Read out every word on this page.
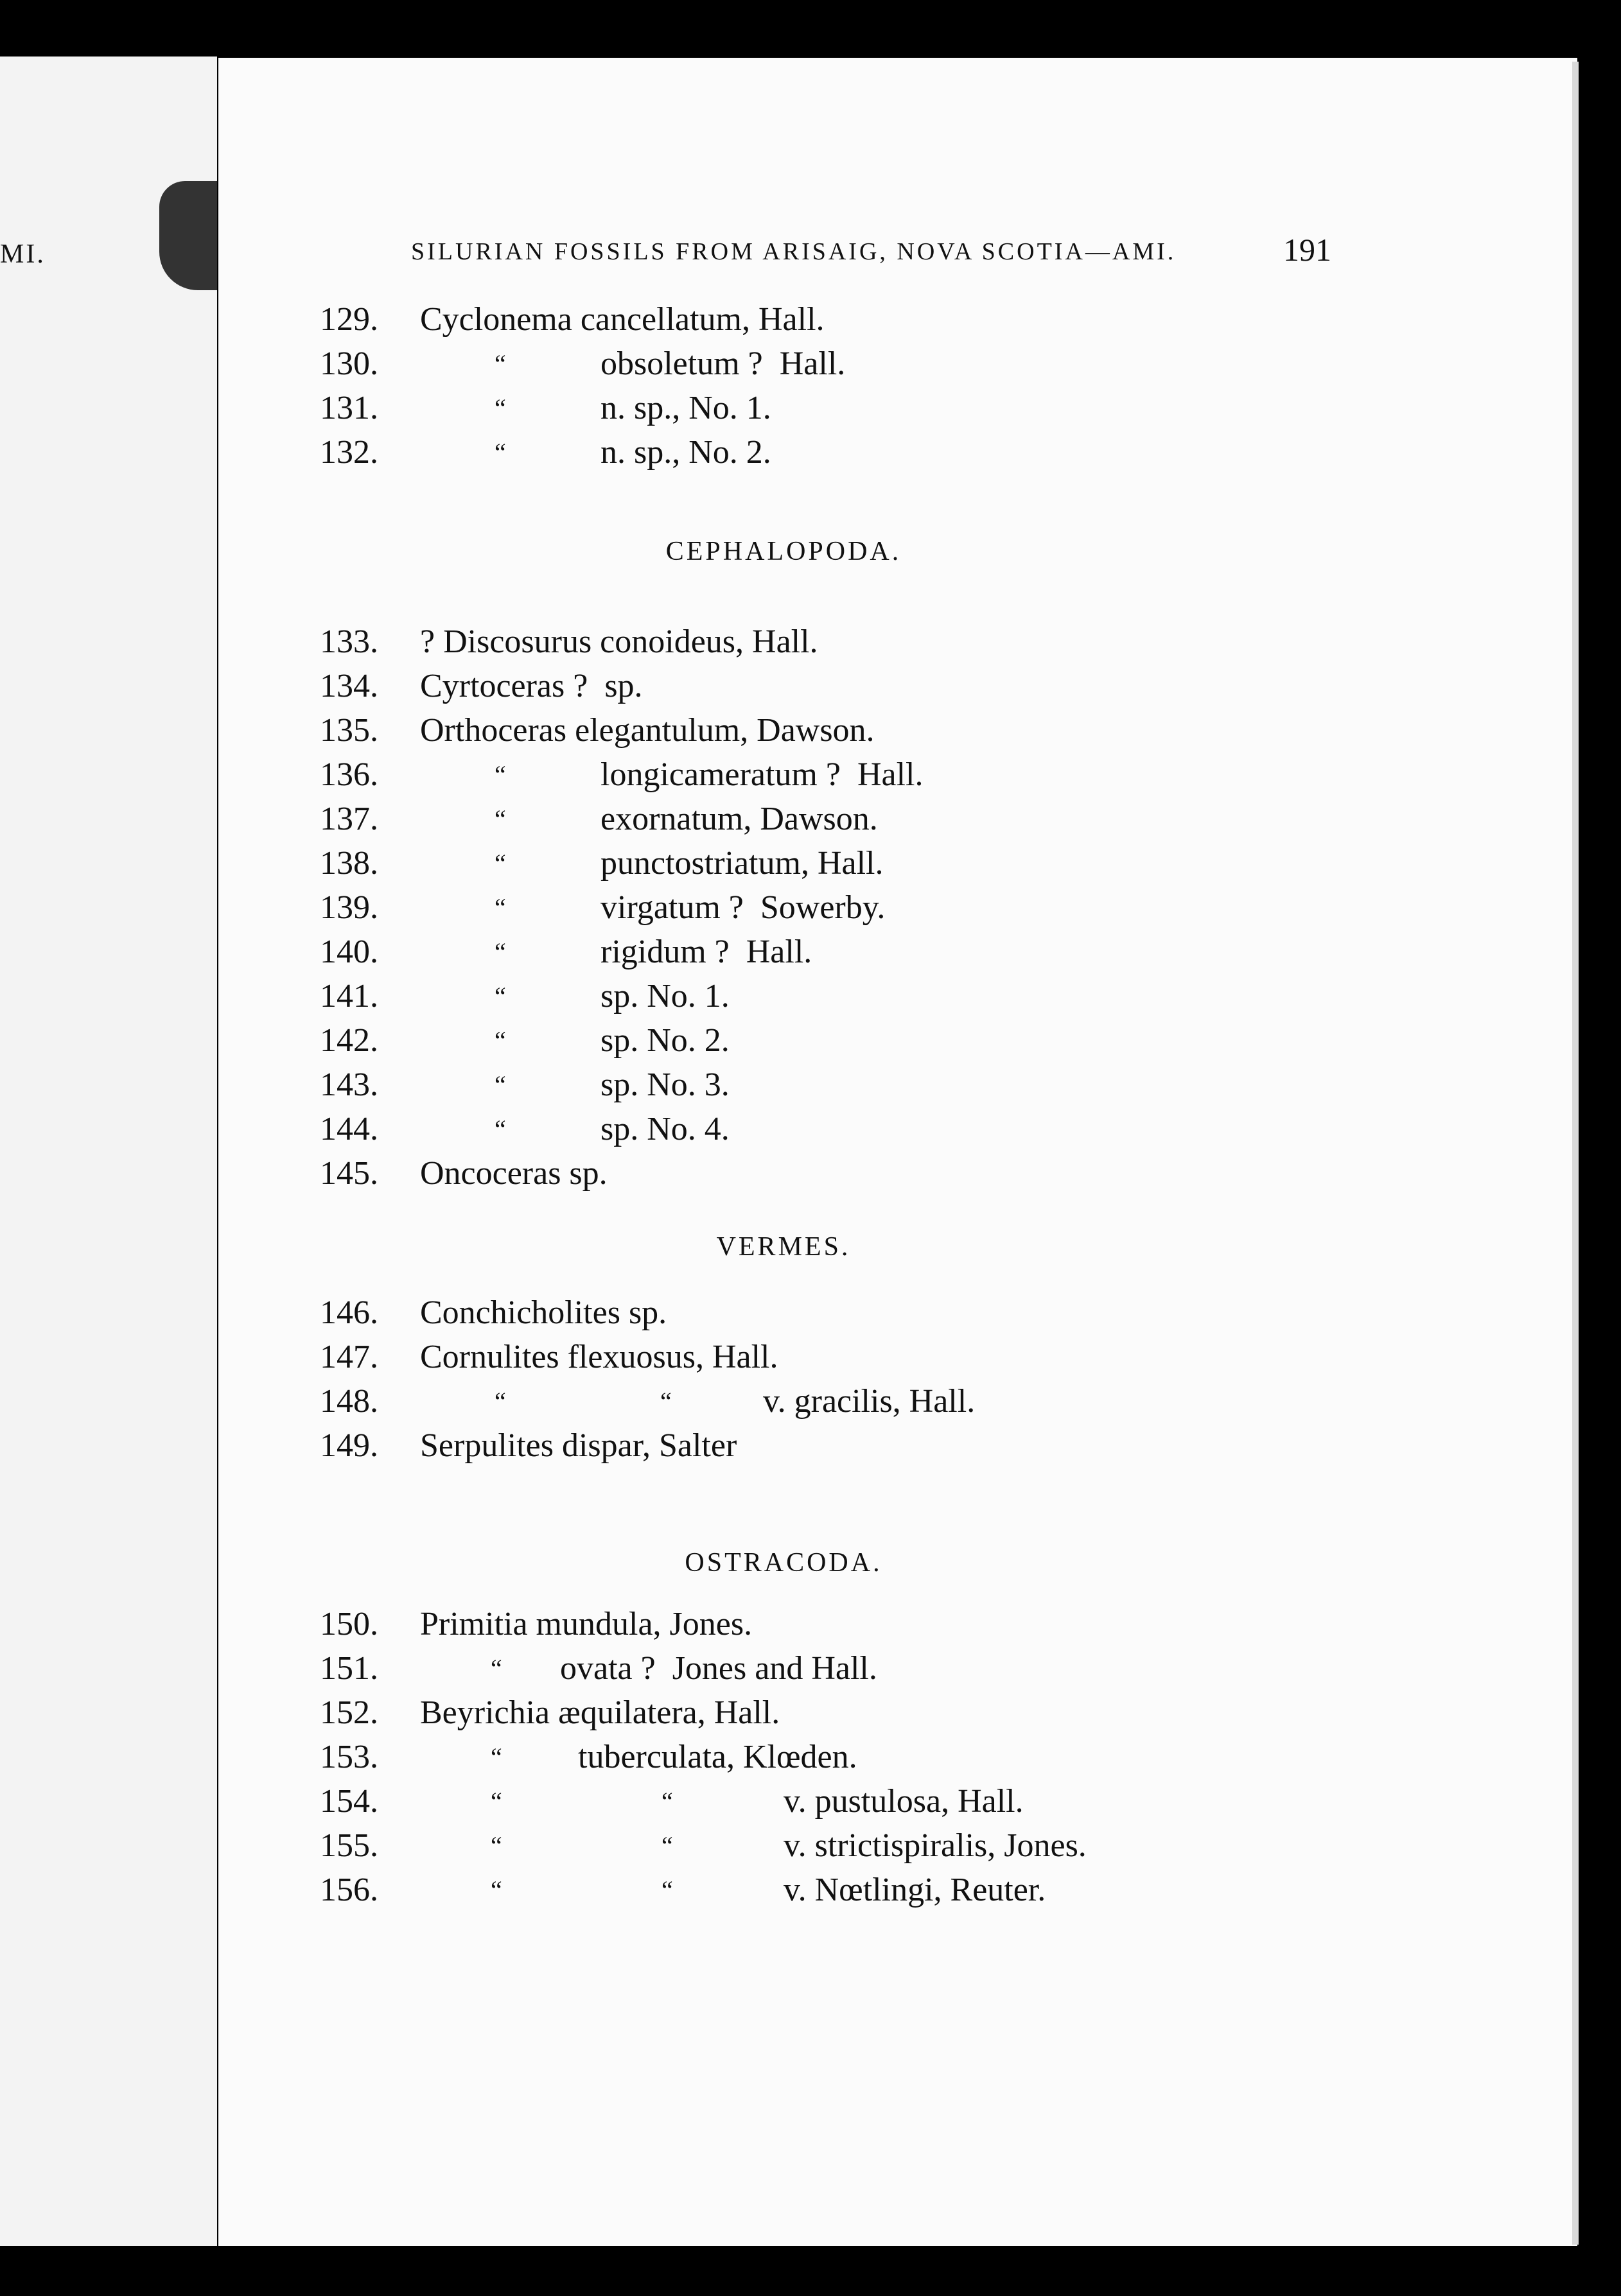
MI.	SILURIAN FOSSILS FROM ARISAIG, NOVA SCOTIA—AMI.	191
129. Cyclonema cancellatum, Hall.
130.	“	obsoletum ?  Hall.
131.	“	n. sp., No. 1.
132.	“	n. sp., No. 2.
CEPHALOPODA.
133. ? Discosurus conoideus, Hall.
134. Cyrtoceras ?  sp.
135. Orthoceras elegantulum, Dawson.
136.	“	longicameratum ?  Hall.
137.	“	exornatum, Dawson.
138.	“	punctostriatum, Hall.
139.	“	virgatum ?  Sowerby.
140.	“	rigidum ?  Hall.
141.	“	sp. No. 1.
142.	“	sp. No. 2.
143.	“	sp. No. 3.
144.	“	sp. No. 4.
145. Oncoceras sp.
VERMES.
146. Conchicholites sp.
147. Cornulites flexuosus, Hall.
148.	“	“	v. gracilis, Hall.
149. Serpulites dispar, Salter
OSTRACODA.
150. Primitia mundula, Jones.
151.	“ ovata ?  Jones and Hall.
152. Beyrichia æquilatera, Hall.
153.	“ tuberculata, Klœden.
154.	“	“	v. pustulosa, Hall.
155.	“	“	v. strictispiralis, Jones.
156.	“	“	v. Nœtlingi, Reuter.
